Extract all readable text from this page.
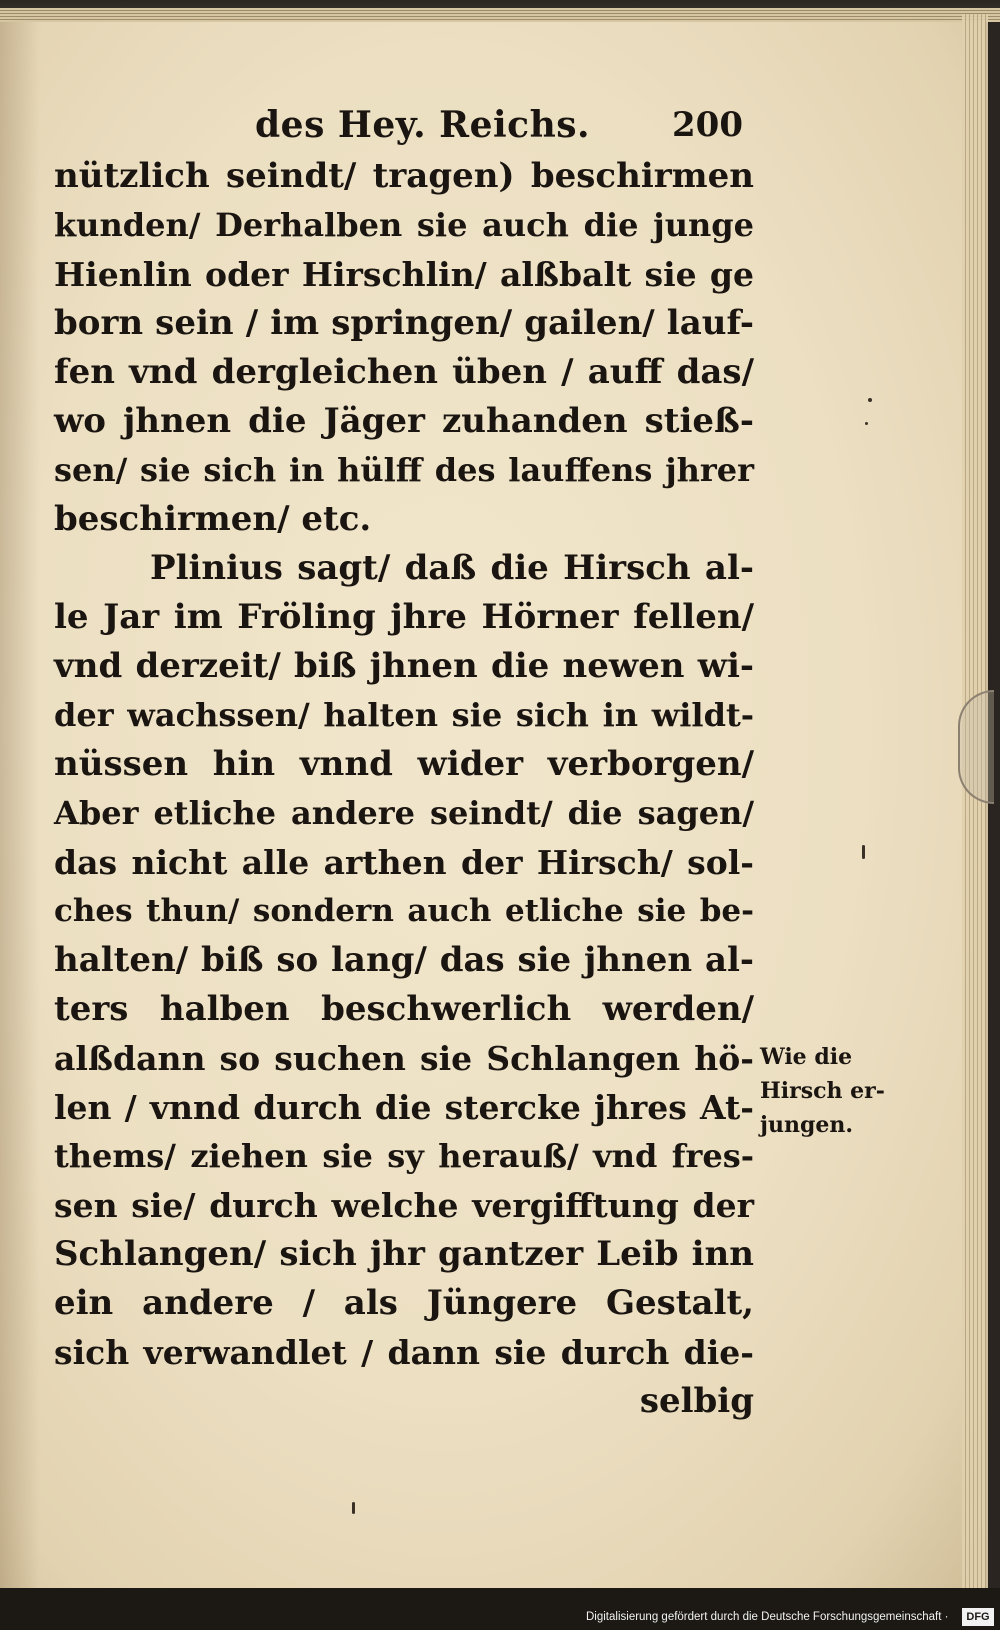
des Hey. Reichs. 200
nützlich seindt/ tragen) beschirmen
kunden/ Derhalben sie auch die junge
Hienlin oder Hirschlin/ alßbalt sie ge
born sein / im springen/ gailen/ lauf-
fen vnd dergleichen üben / auff das/
wo jhnen die Jäger zuhanden stieß-
sen/ sie sich in hülff des lauffens jhrer
beschirmen/ etc.
Plinius sagt/ daß die Hirsch al-
le Jar im Fröling jhre Hörner fellen/
vnd derzeit/ biß jhnen die newen wi-
der wachssen/ halten sie sich in wildt-
nüssen hin vnnd wider verborgen/
Aber etliche andere seindt/ die sagen/
das nicht alle arthen der Hirsch/ sol-
ches thun/ sondern auch etliche sie be-
halten/ biß so lang/ das sie jhnen al-
ters halben beschwerlich werden/
alßdann so suchen sie Schlangen hö-
len / vnnd durch die stercke jhres At-
thems/ ziehen sie sy herauß/ vnd fres-
sen sie/ durch welche vergifftung der
Schlangen/ sich jhr gantzer Leib inn
ein andere / als Jüngere Gestalt,
sich verwandlet / dann sie durch die-
selbig
Wie die
Hirsch er-
jungen.
Digitalisierung gefördert durch die Deutsche Forschungsgemeinschaft ·	DFG
